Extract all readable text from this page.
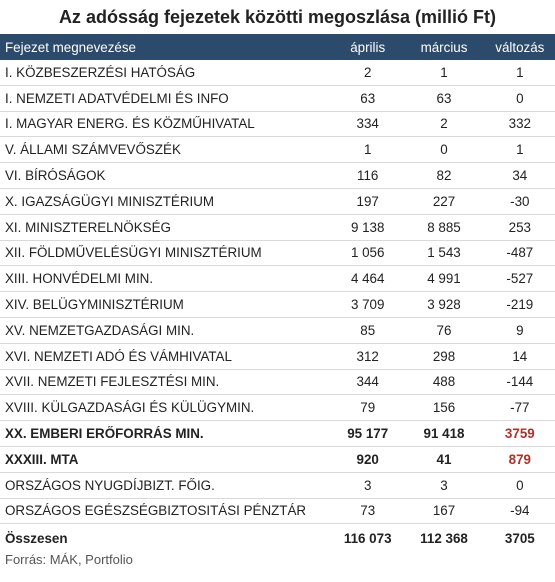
Az adósság fejezetek közötti megoszlása (millió Ft)
Fejezet megnevezése	április	március	változás
I. KÖZBESZERZÉSI HATÓSÁG	2	1	1
I. NEMZETI ADATVÉDELMI ÉS INFO	63	63	0
I. MAGYAR ENERG. ÉS KÖZMŰHIVATAL	334	2	332
V. ÁLLAMI SZÁMVEVŐSZÉK	1	0	1
VI. BÍRÓSÁGOK	116	82	34
X. IGAZSÁGÜGYI MINISZTÉRIUM	197	227	-30
XI. MINISZTERELNÖKSÉG	9 138	8 885	253
XII. FÖLDMŰVELÉSÜGYI MINISZTÉRIUM	1 056	1 543	-487
XIII. HONVÉDELMI MIN.	4 464	4 991	-527
XIV. BELÜGYMINISZTÉRIUM	3 709	3 928	-219
XV. NEMZETGAZDASÁGI MIN.	85	76	9
XVI. NEMZETI ADÓ ÉS VÁMHIVATAL	312	298	14
XVII. NEMZETI FEJLESZTÉSI MIN.	344	488	-144
XVIII. KÜLGAZDASÁGI ÉS KÜLÜGYMIN.	79	156	-77
XX. EMBERI ERŐFORRÁS MIN.	95 177	91 418	3759
XXXIII. MTA	920	41	879
ORSZÁGOS NYUGDÍJBIZT. FŐIG.	3	3	0
ORSZÁGOS EGÉSZSÉGBIZTOSITÁSI PÉNZTÁR	73	167	-94
Összesen	116 073	112 368	3705
Forrás: MÁK, Portfolio
